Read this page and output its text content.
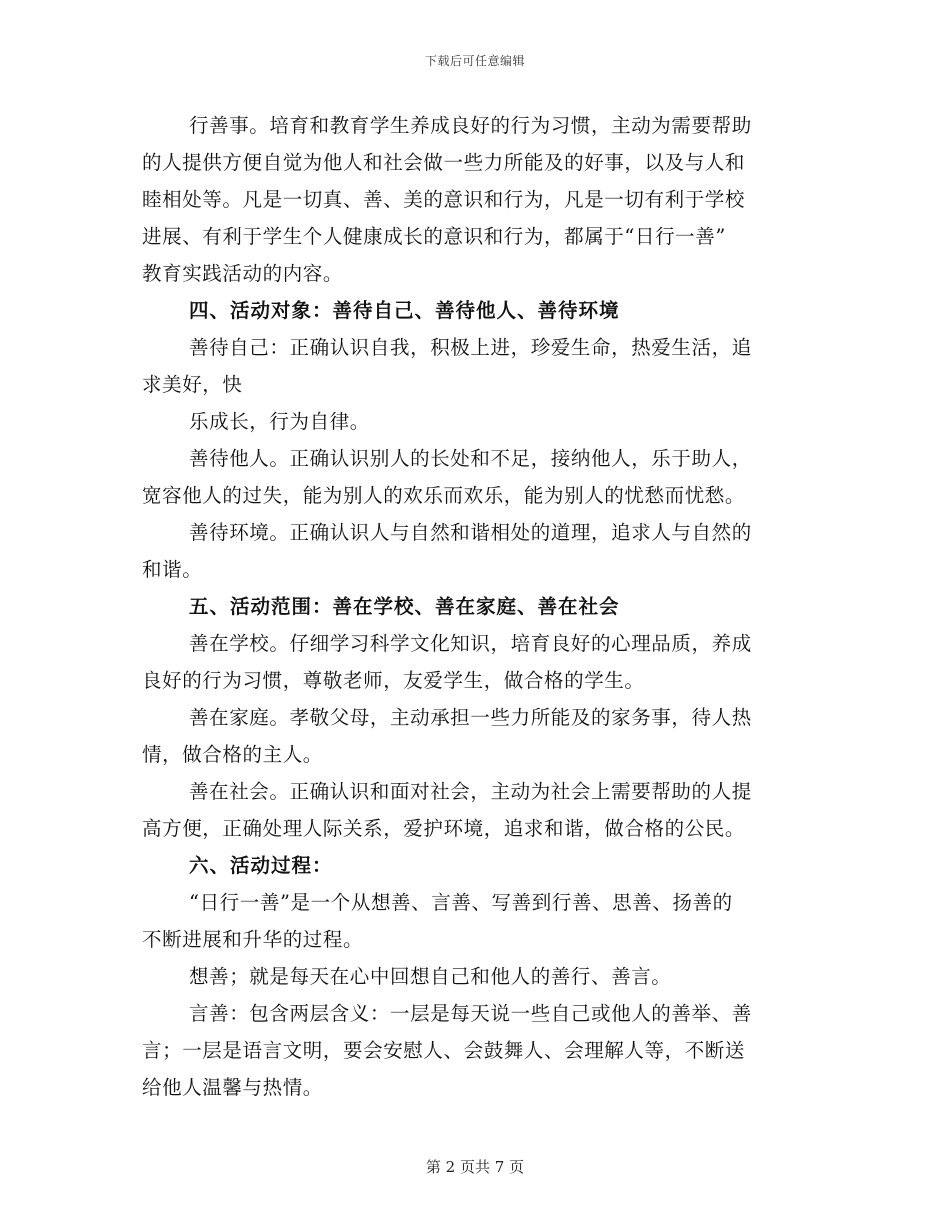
下载后可任意编辑
行善事。培育和教育学生养成良好的行为习惯，主动为需要帮助
的人提供方便自觉为他人和社会做一些力所能及的好事，以及与人和
睦相处等。凡是一切真、善、美的意识和行为，凡是一切有利于学校
进展、有利于学生个人健康成长的意识和行为，都属于“日行一善”
教育实践活动的内容。
四、活动对象：善待自己、善待他人、善待环境
善待自己：正确认识自我，积极上进，珍爱生命，热爱生活，追
求美好，快
乐成长，行为自律。
善待他人。正确认识别人的长处和不足，接纳他人，乐于助人，
宽容他人的过失，能为别人的欢乐而欢乐，能为别人的忧愁而忧愁。
善待环境。正确认识人与自然和谐相处的道理，追求人与自然的
和谐。
五、活动范围：善在学校、善在家庭、善在社会
善在学校。仔细学习科学文化知识，培育良好的心理品质，养成
良好的行为习惯，尊敬老师，友爱学生，做合格的学生。
善在家庭。孝敬父母，主动承担一些力所能及的家务事，待人热
情，做合格的主人。
善在社会。正确认识和面对社会，主动为社会上需要帮助的人提
高方便，正确处理人际关系，爱护环境，追求和谐，做合格的公民。
六、活动过程：
“日行一善”是一个从想善、言善、写善到行善、思善、扬善的
不断进展和升华的过程。
想善；就是每天在心中回想自己和他人的善行、善言。
言善：包含两层含义：一层是每天说一些自己或他人的善举、善
言；一层是语言文明，要会安慰人、会鼓舞人、会理解人等，不断送
给他人温馨与热情。
第 2 页共 7 页
